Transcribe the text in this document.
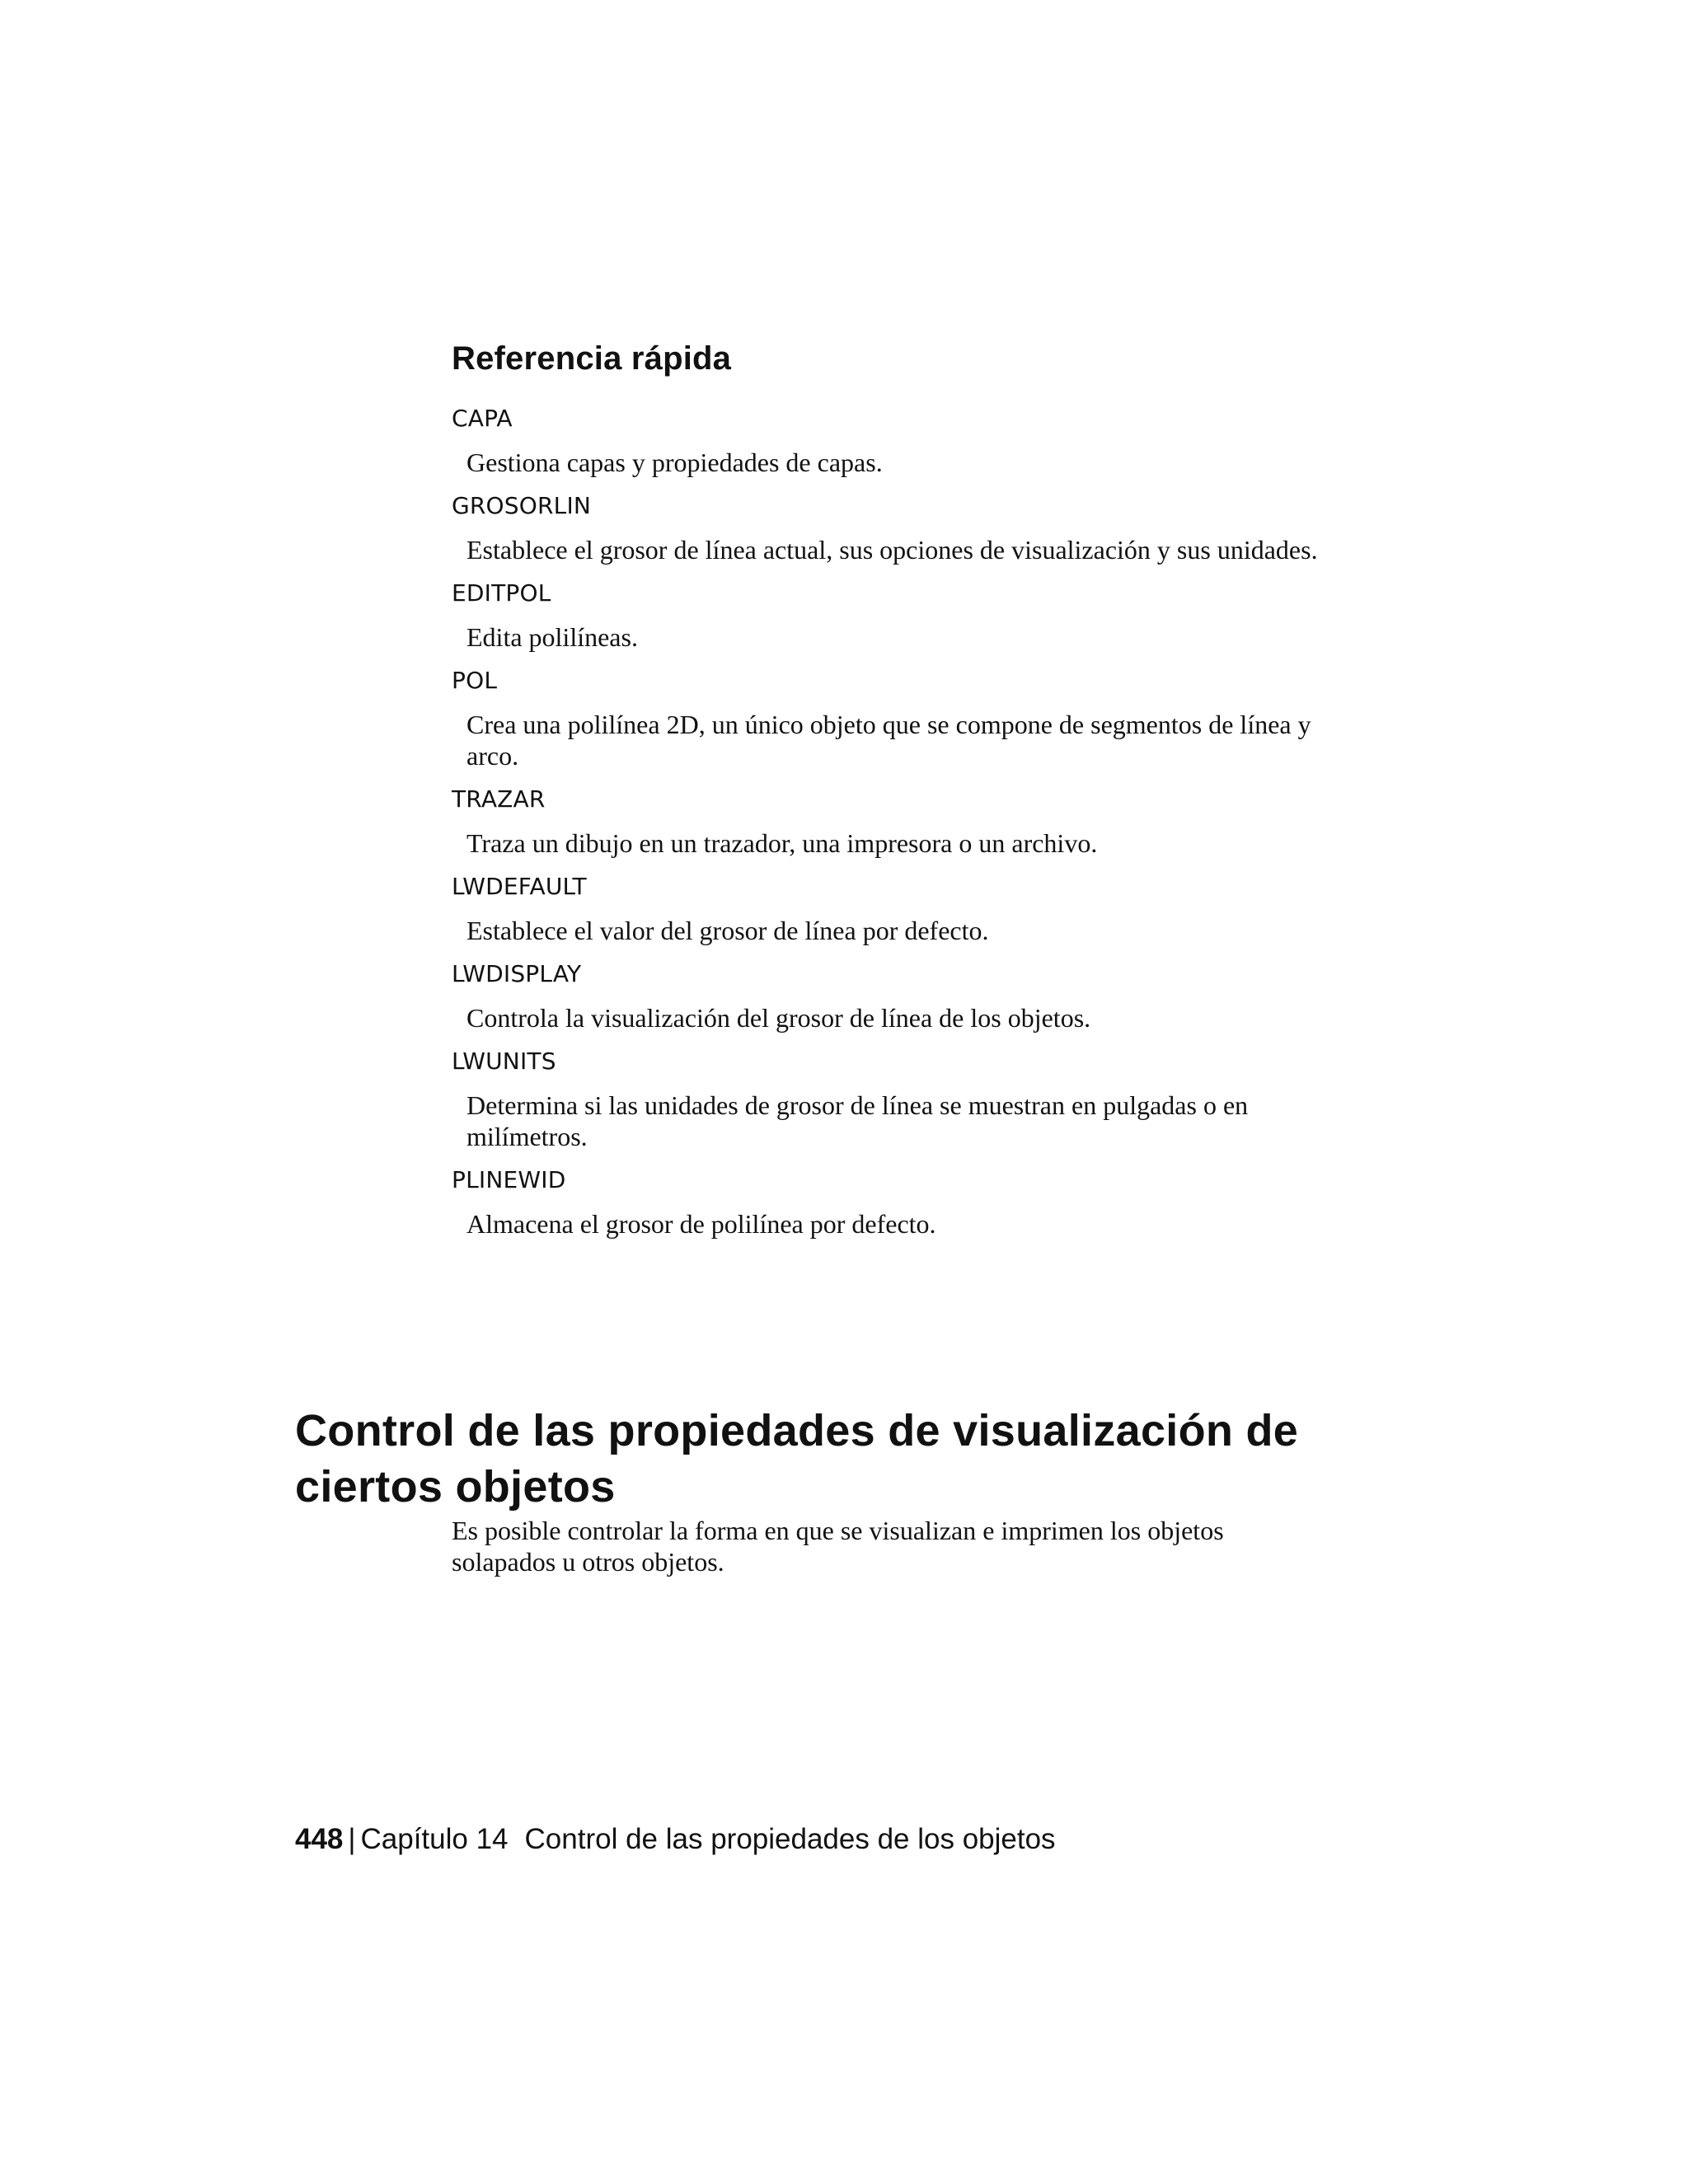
Referencia rápida

CAPA

Gestiona capas y propiedades de capas.

GROSORLIN

Establece el grosor de línea actual, sus opciones de visualización y sus unidades.

EDITPOL

Edita polilíneas.

POL

Crea una polilínea 2D, un único objeto que se compone de segmentos de línea y arco.

TRAZAR

Traza un dibujo en un trazador, una impresora o un archivo.

LWDEFAULT

Establece el valor del grosor de línea por defecto.

LWDISPLAY

Controla la visualización del grosor de línea de los objetos.

LWUNITS

Determina si las unidades de grosor de línea se muestran en pulgadas o en milímetros.

PLINEWID

Almacena el grosor de polilínea por defecto.

Control de las propiedades de visualización de ciertos objetos

Es posible controlar la forma en que se visualizan e imprimen los objetos solapados u otros objetos.

448 | Capítulo 14 Control de las propiedades de los objetos
